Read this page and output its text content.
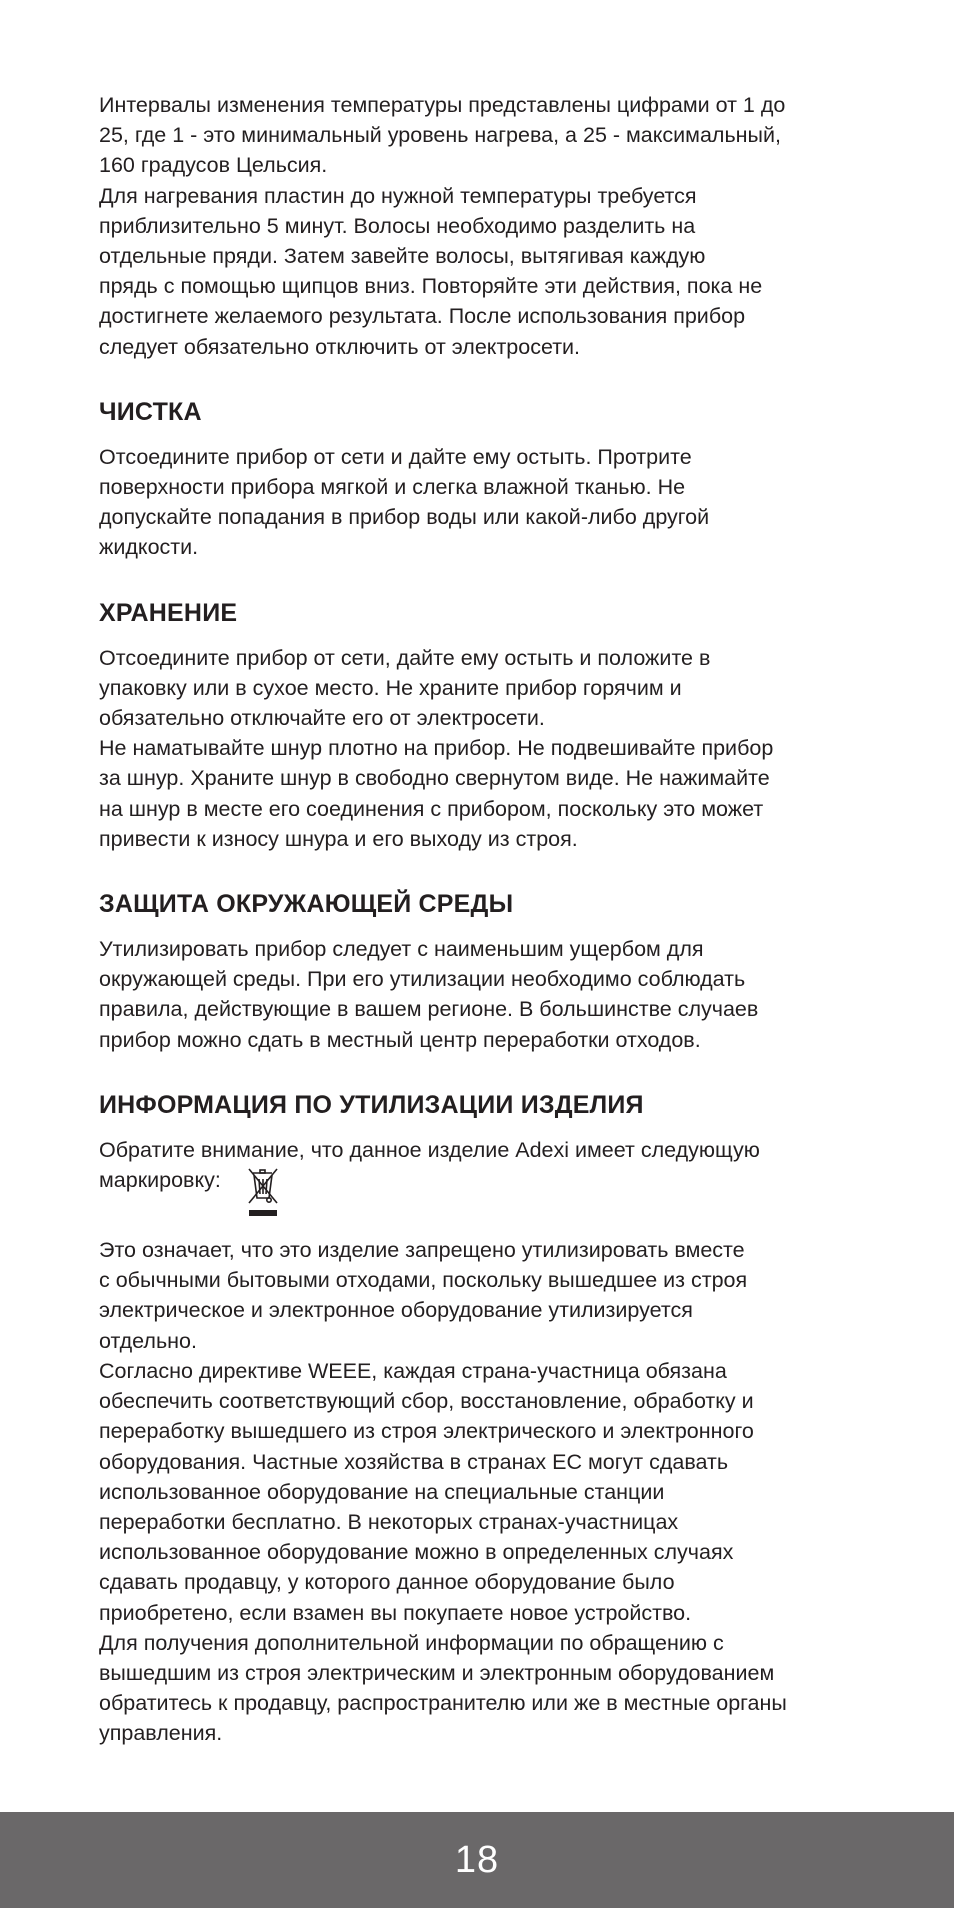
Интервалы изменения температуры представлены цифрами от 1 до
25, где 1 - это минимальный уровень нагрева, а 25 - максимальный,
160 градусов Цельсия.
Для нагревания пластин до нужной температуры требуется
приблизительно 5 минут. Волосы необходимо разделить на
отдельные пряди. Затем завейте волосы, вытягивая каждую
прядь с помощью щипцов вниз. Повторяйте эти действия, пока не
достигнете желаемого результата. После использования прибор
следует обязательно отключить от электросети.
ЧИСТКА
Отсоедините прибор от сети и дайте ему остыть. Протрите
поверхности прибора мягкой и слегка влажной тканью. Не
допускайте попадания в прибор воды или какой-либо другой
жидкости.
ХРАНЕНИЕ
Отсоедините прибор от сети, дайте ему остыть и положите в
упаковку или в сухое место. Не храните прибор горячим и
обязательно отключайте его от электросети.
Не наматывайте шнур плотно на прибор. Не подвешивайте прибор
за шнур. Храните шнур в свободно свернутом виде. Не нажимайте
на шнур в месте его соединения с прибором, поскольку это может
привести к износу шнура и его выходу из строя.
ЗАЩИТА ОКРУЖАЮЩЕЙ СРЕДЫ
Утилизировать прибор следует с наименьшим ущербом для
окружающей среды. При его утилизации необходимо соблюдать
правила, действующие в вашем регионе. В большинстве случаев
прибор можно сдать в местный центр переработки отходов.
ИНФОРМАЦИЯ ПО УТИЛИЗАЦИИ ИЗДЕЛИЯ
Обратите внимание, что данное изделие Adexi имеет следующую
маркировку:
Это означает, что это изделие запрещено утилизировать вместе
с обычными бытовыми отходами, поскольку вышедшее из строя
электрическое и электронное оборудование утилизируется
отдельно.
Согласно директиве WEEE, каждая страна-участница обязана
обеспечить соответствующий сбор, восстановление, обработку и
переработку вышедшего из строя электрического и электронного
оборудования. Частные хозяйства в странах ЕС могут сдавать
использованное оборудование на специальные станции
переработки бесплатно. В некоторых странах-участницах
использованное оборудование можно в определенных случаях
сдавать продавцу, у которого данное оборудование было
приобретено, если взамен вы покупаете новое устройство.
Для получения дополнительной информации по обращению с
вышедшим из строя электрическим и электронным оборудованием
обратитесь к продавцу, распространителю или же в местные органы
управления.
18
